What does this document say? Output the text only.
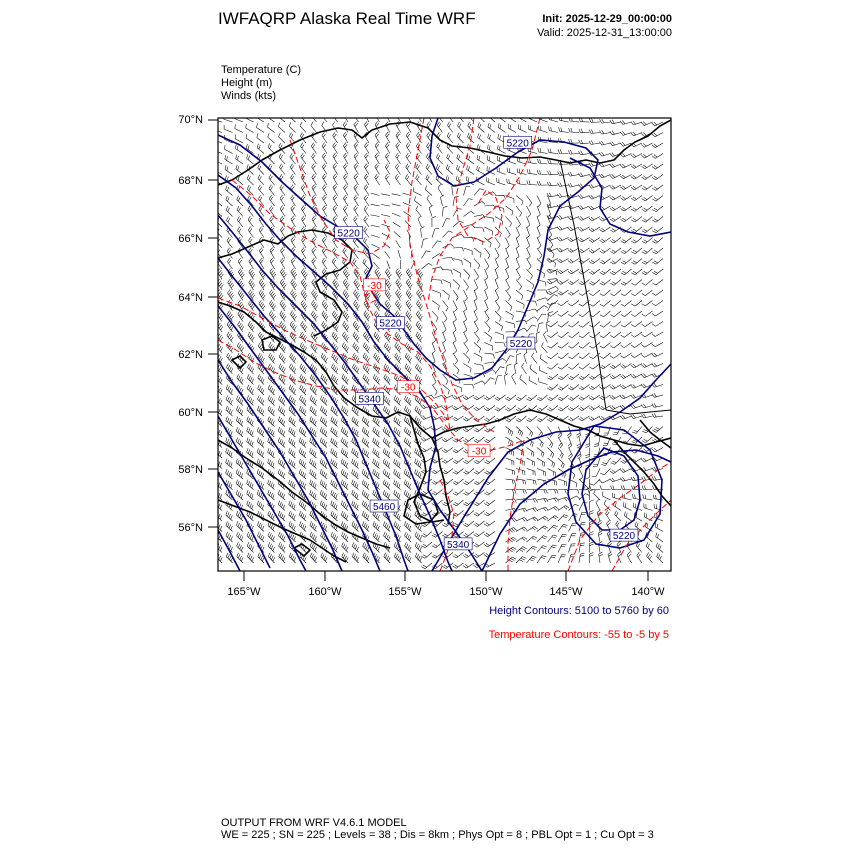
IWFAQRP Alaska Real Time WRF	Init: 2025-12-29_00:00:00
Valid: 2025-12-31_13:00:00
Temperature (C)
Height (m)
Winds (kts)
70°N
68°N
66°N
64°N
62°N
60°N
58°N
56°N
165°W	160°W	155°W	150°W	145°W	140°W
5220
5220
5220
5220
5340
5460
5340
5220
-30
-30
-30
Height Contours: 5100 to 5760 by 60
Temperature Contours: -55 to -5 by 5
OUTPUT FROM WRF V4.6.1 MODEL
WE = 225 ; SN = 225 ; Levels = 38 ; Dis = 8km ; Phys Opt = 8 ; PBL Opt = 1 ; Cu Opt = 3
